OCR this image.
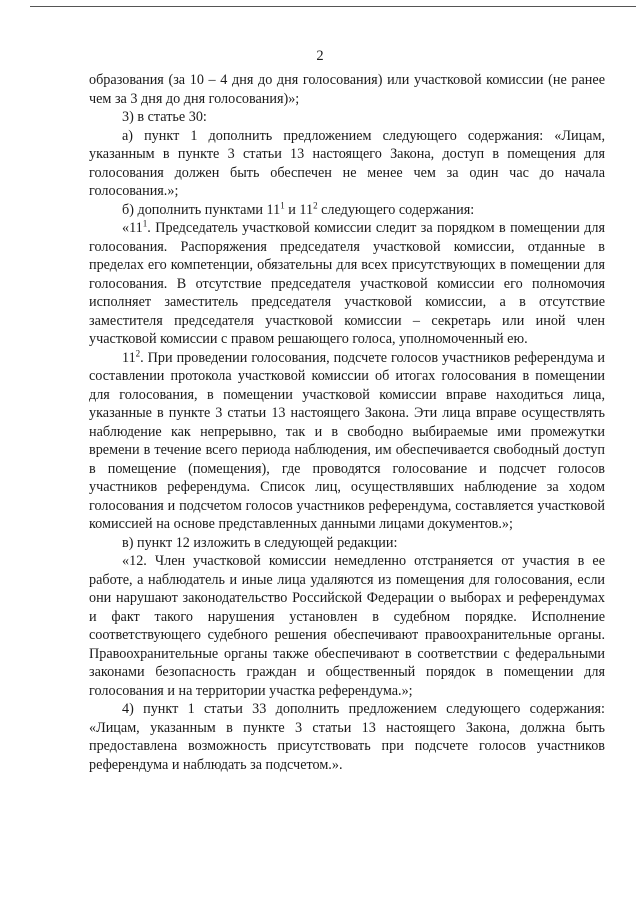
2

образования (за 10 – 4 дня до дня голосования) или участковой комиссии (не ранее чем за 3 дня до дня голосования)»;

3) в статье 30:

а) пункт 1 дополнить предложением следующего содержания: «Лицам, указанным в пункте 3 статьи 13 настоящего Закона, доступ в помещения для голосования должен быть обеспечен не менее чем за один час до начала голосования.»;

б) дополнить пунктами $11^1$ и $11^2$ следующего содержания:

«$11^1$. Председатель участковой комиссии следит за порядком в помещении для голосования. Распоряжения председателя участковой комиссии, отданные в пределах его компетенции, обязательны для всех присутствующих в помещении для голосования. В отсутствие председателя участковой комиссии его полномочия исполняет заместитель председателя участковой комиссии, а в отсутствие заместителя председателя участковой комиссии – секретарь или иной член участковой комиссии с правом решающего голоса, уполномоченный ею.

$11^2$. При проведении голосования, подсчете голосов участников референдума и составлении протокола участковой комиссии об итогах голосования в помещении для голосования, в помещении участковой комиссии вправе находиться лица, указанные в пункте 3 статьи 13 настоящего Закона. Эти лица вправе осуществлять наблюдение как непрерывно, так и в свободно выбираемые ими промежутки времени в течение всего периода наблюдения, им обеспечивается свободный доступ в помещение (помещения), где проводятся голосование и подсчет голосов участников референдума. Список лиц, осуществлявших наблюдение за ходом голосования и подсчетом голосов участников референдума, составляется участковой комиссией на основе представленных данными лицами документов.»;

в) пункт 12 изложить в следующей редакции:

«12. Член участковой комиссии немедленно отстраняется от участия в ее работе, а наблюдатель и иные лица удаляются из помещения для голосования, если они нарушают законодательство Российской Федерации о выборах и референдумах и факт такого нарушения установлен в судебном порядке. Исполнение соответствующего судебного решения обеспечивают правоохранительные органы. Правоохранительные органы также обеспечивают в соответствии с федеральными законами безопасность граждан и общественный порядок в помещении для голосования и на территории участка референдума.»;

4) пункт 1 статьи 33 дополнить предложением следующего содержания: «Лицам, указанным в пункте 3 статьи 13 настоящего Закона, должна быть предоставлена возможность присутствовать при подсчете голосов участников референдума и наблюдать за подсчетом.».
